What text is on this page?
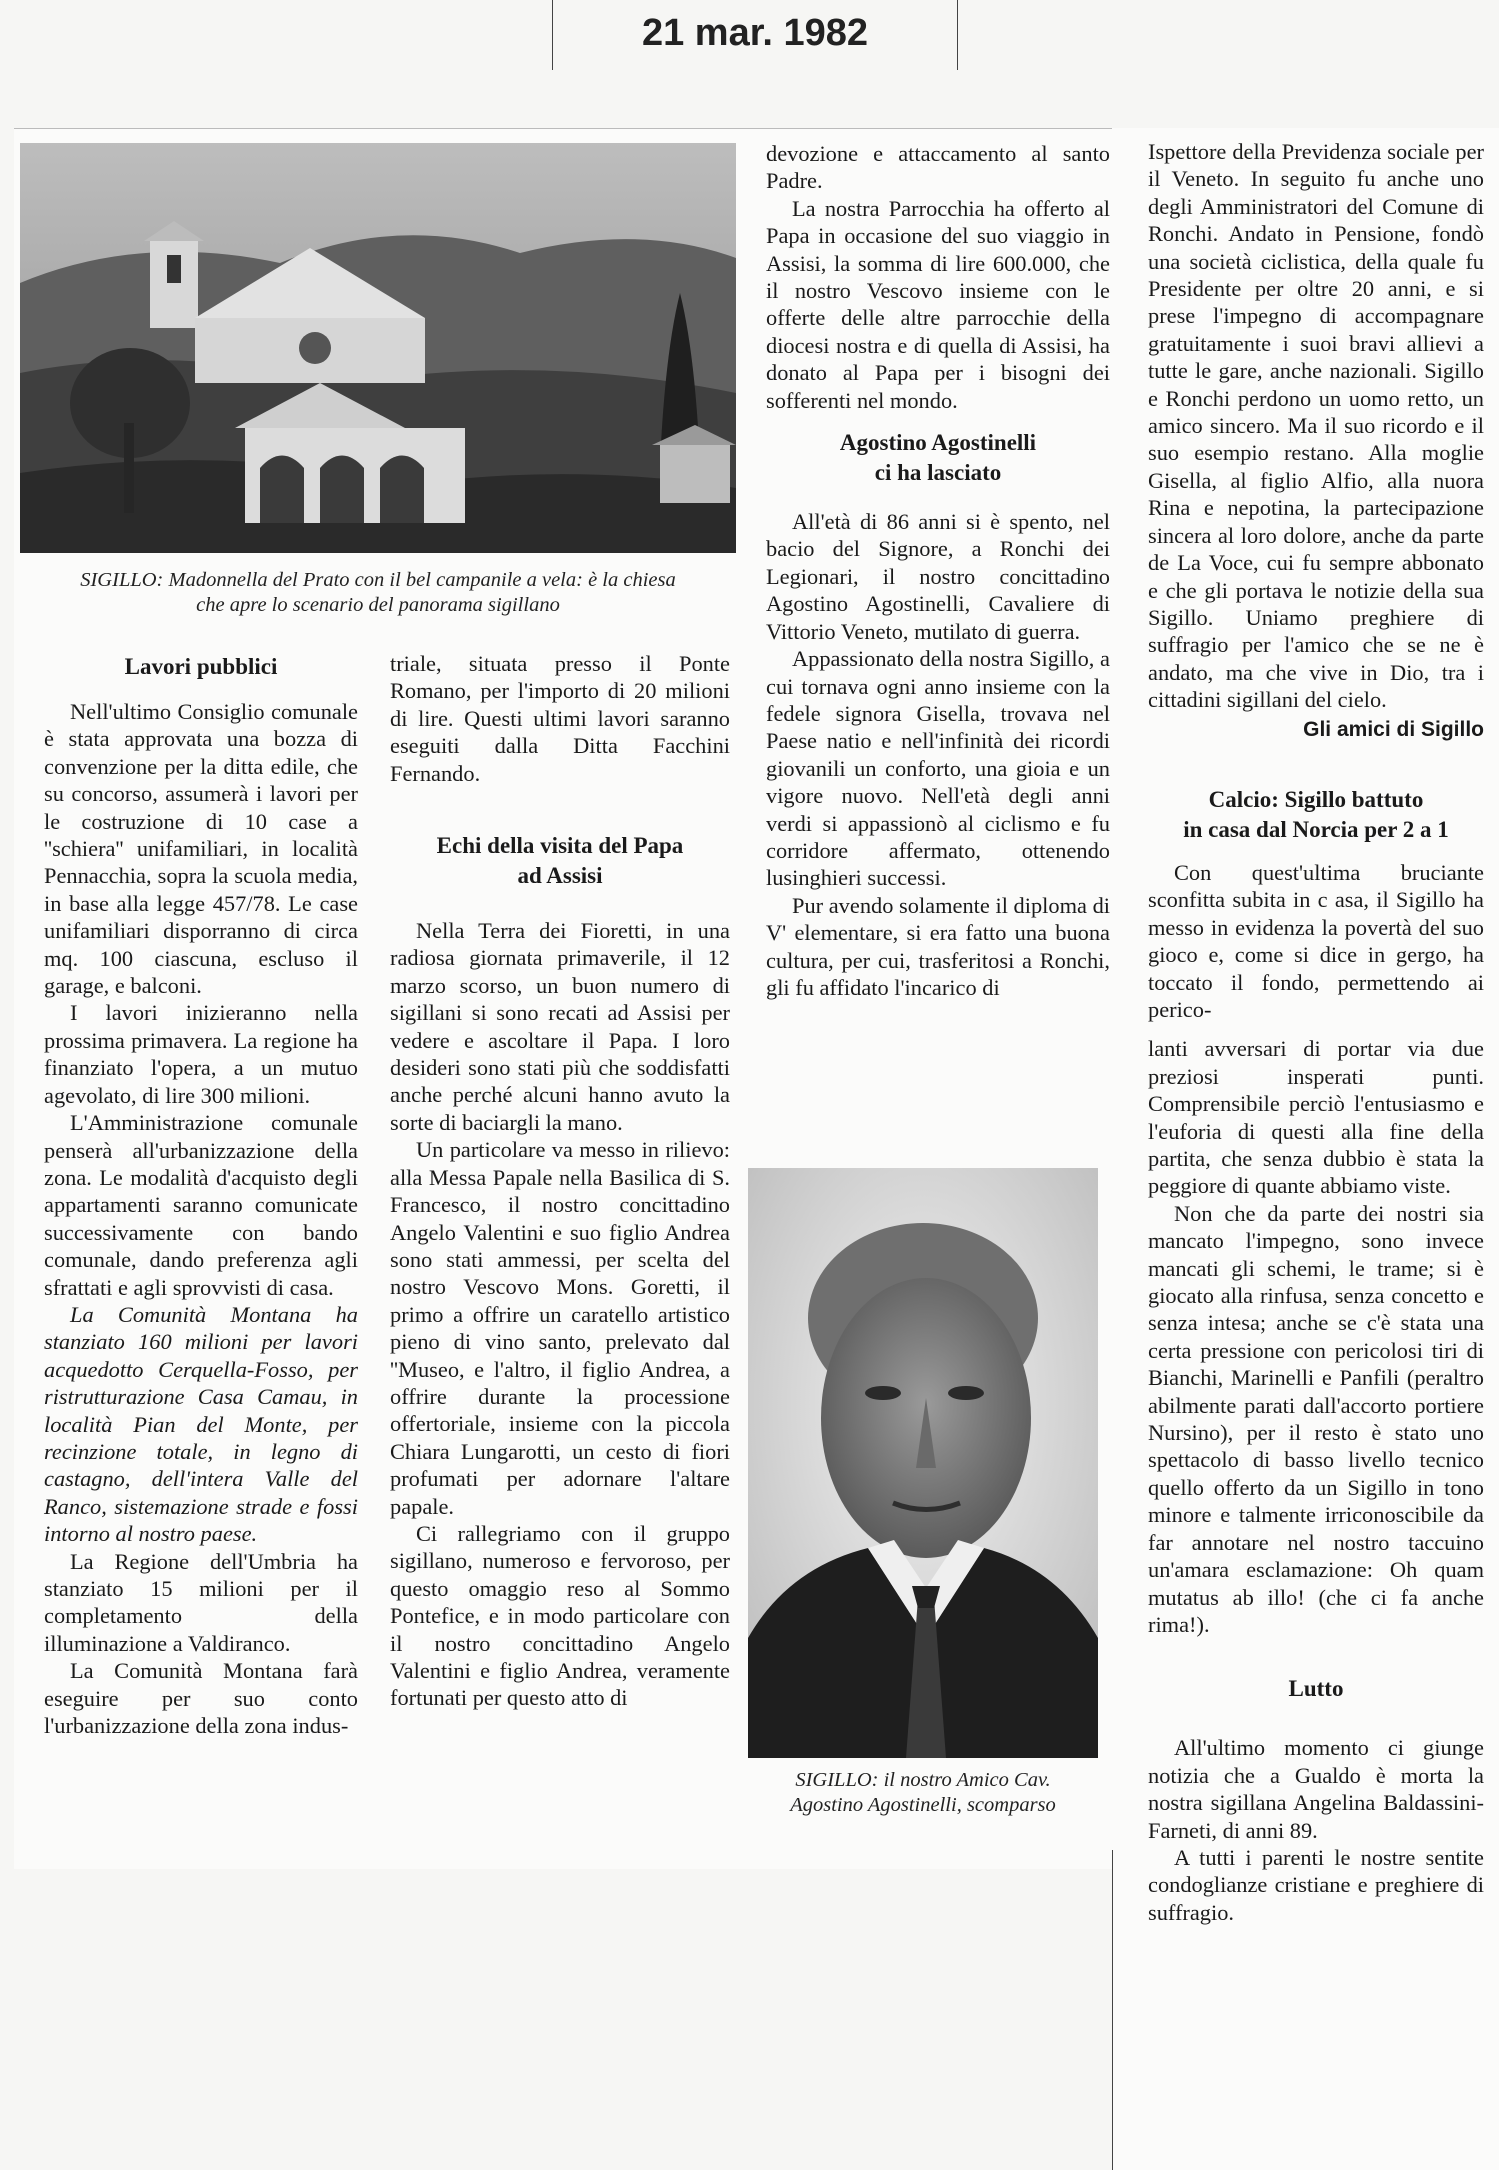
21 mar. 1982
SIGILLO: Madonnella del Prato con il bel campanile a vela: è la chiesa
che apre lo scenario del panorama sigillano
Lavori pubblici

Nell'ultimo Consiglio comunale è stata approvata una bozza di convenzione per la ditta edile, che su concorso, assumerà i lavori per le costruzione di 10 case a ''schiera'' unifamiliari, in località Pennacchia, sopra la scuola media, in base alla legge 457/78. Le case unifamiliari disporranno di circa mq. 100 ciascuna, escluso il garage, e balconi.

I lavori inizieranno nella prossima primavera. La regione ha finanziato l'opera, a un mutuo agevolato, di lire 300 milioni.

L'Amministrazione comunale penserà all'urbanizzazione della zona. Le modalità d'acquisto degli appartamenti saranno comunicate successivamente con bando comunale, dando preferenza agli sfrattati e agli sprovvisti di casa.

La Comunità Montana ha stanziato 160 milioni per lavori acquedotto Cerquella-Fosso, per ristrutturazione Casa Camau, in località Pian del Monte, per recinzione totale, in legno di castagno, dell'intera Valle del Ranco, sistemazione strade e fossi intorno al nostro paese.

La Regione dell'Umbria ha stanziato 15 milioni per il completamento della illuminazione a Valdiranco.

La Comunità Montana farà eseguire per suo conto l'urbanizzazione della zona indus-

triale, situata presso il Ponte Romano, per l'importo di 20 milioni di lire. Questi ultimi lavori saranno eseguiti dalla Ditta Facchini Fernando.

Echi della visita del Papa
ad Assisi

Nella Terra dei Fioretti, in una radiosa giornata primaverile, il 12 marzo scorso, un buon numero di sigillani si sono recati ad Assisi per vedere e ascoltare il Papa. I loro desideri sono stati più che soddisfatti anche perché alcuni hanno avuto la sorte di baciargli la mano.

Un particolare va messo in rilievo: alla Messa Papale nella Basilica di S. Francesco, il nostro concittadino Angelo Valentini e suo figlio Andrea sono stati ammessi, per scelta del nostro Vescovo Mons. Goretti, il primo a offrire un caratello artistico pieno di vino santo, prelevato dal ''Museo, e l'altro, il figlio Andrea, a offrire durante la processione offertoriale, insieme con la piccola Chiara Lungarotti, un cesto di fiori profumati per adornare l'altare papale.

Ci rallegriamo con il gruppo sigillano, numeroso e fervoroso, per questo omaggio reso al Sommo Pontefice, e in modo particolare con il nostro concittadino Angelo Valentini e figlio Andrea, veramente fortunati per questo atto di

devozione e attaccamento al santo Padre.

La nostra Parrocchia ha offerto al Papa in occasione del suo viaggio in Assisi, la somma di lire 600.000, che il nostro Vescovo insieme con le offerte delle altre parrocchie della diocesi nostra e di quella di Assisi, ha donato al Papa per i bisogni dei sofferenti nel mondo.

Agostino Agostinelli
ci ha lasciato

All'età di 86 anni si è spento, nel bacio del Signore, a Ronchi dei Legionari, il nostro concittadino Agostino Agostinelli, Cavaliere di Vittorio Veneto, mutilato di guerra.

Appassionato della nostra Sigillo, a cui tornava ogni anno insieme con la fedele signora Gisella, trovava nel Paese natio e nell'infinità dei ricordi giovanili un conforto, una gioia e un vigore nuovo. Nell'età degli anni verdi si appassionò al ciclismo e fu corridore affermato, ottenendo lusinghieri successi.

Pur avendo solamente il diploma di V' elementare, si era fatto una buona cultura, per cui, trasferitosi a Ronchi, gli fu affidato l'incarico di

SIGILLO: il nostro Amico Cav.
Agostino Agostinelli, scomparso

Ispettore della Previdenza sociale per il Veneto. In seguito fu anche uno degli Amministratori del Comune di Ronchi. Andato in Pensione, fondò una società ciclistica, della quale fu Presidente per oltre 20 anni, e si prese l'impegno di accompagnare gratuitamente i suoi bravi allievi a tutte le gare, anche nazionali. Sigillo e Ronchi perdono un uomo retto, un amico sincero. Ma il suo ricordo e il suo esempio restano. Alla moglie Gisella, al figlio Alfio, alla nuora Rina e nepotina, la partecipazione sincera al loro dolore, anche da parte de La Voce, cui fu sempre abbonato e che gli portava le notizie della sua Sigillo. Uniamo preghiere di suffragio per l'amico che se ne è andato, ma che vive in Dio, tra i cittadini sigillani del cielo.

Gli amici di Sigillo
Calcio: Sigillo battuto
in casa dal Norcia per 2 a 1

Con quest'ultima bruciante sconfitta subita in c asa, il Sigillo ha messo in evidenza la povertà del suo gioco e, come si dice in gergo, ha toccato il fondo, permettendo ai perico-

lanti avversari di portar via due preziosi insperati punti. Comprensibile perciò l'entusiasmo e l'euforia di questi alla fine della partita, che senza dubbio è stata la peggiore di quante abbiamo viste.

Non che da parte dei nostri sia mancato l'impegno, sono invece mancati gli schemi, le trame; si è giocato alla rinfusa, senza concetto e senza intesa; anche se c'è stata una certa pressione con pericolosi tiri di Bianchi, Marinelli e Panfili (peraltro abilmente parati dall'accorto portiere Nursino), per il resto è stato uno spettacolo di basso livello tecnico quello offerto da un Sigillo in tono minore e talmente irriconoscibile da far annotare nel nostro taccuino un'amara esclamazione: Oh quam mutatus ab illo! (che ci fa anche rima!).

Lutto

All'ultimo momento ci giunge notizia che a Gualdo è morta la nostra sigillana Angelina Baldassini-Farneti, di anni 89.

A tutti i parenti le nostre sentite condoglianze cristiane e preghiere di suffragio.
